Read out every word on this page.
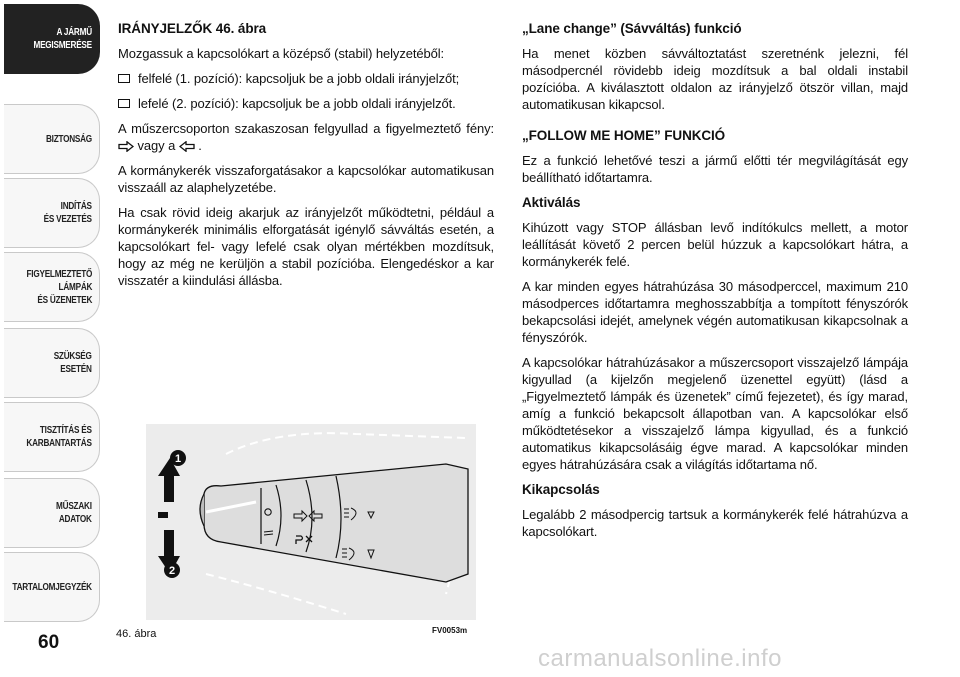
A JÁRMŰ
MEGISMERÉSE
BIZTONSÁG
INDÍTÁS
ÉS VEZETÉS
FIGYELMEZTETŐ
LÁMPÁK
ÉS ÜZENETEK
SZÜKSÉG
ESETÉN
TISZTÍTÁS ÉS
KARBANTARTÁS
MŰSZAKI
ADATOK
TARTALOMJEGYZÉK
60
IRÁNYJELZŐK 46. ábra

Mozgassuk a kapcsolókart a középső (stabil) helyzetéből:

felfelé (1. pozíció): kapcsoljuk be a jobb oldali irányjelzőt;
lefelé (2. pozíció): kapcsoljuk be a jobb oldali irányjelzőt.

A műszercsoporton szakaszosan felgyullad a figyelmeztető fény:  vagy a .

A kormánykerék visszaforgatásakor a kapcsolókar automatikusan visszaáll az alaphelyzetébe.

Ha csak rövid ideig akarjuk az irányjelzőt működtetni, például a kormánykerék minimális elforgatását igénylő sávváltás esetén, a kapcsolókart fel- vagy lefelé csak olyan mértékben mozdítsuk, hogy az még ne kerüljön a stabil pozícióba. Elengedéskor a kar visszatér a kiindulási állásba.

„Lane change” (Sávváltás) funkció

Ha menet közben sávváltoztatást szeretnénk jelezni, fél másodpercnél rövidebb ideig mozdítsuk a bal oldali instabil pozícióba. A kiválasztott oldalon az irányjelző ötször villan, majd automatikusan kikapcsol.

„FOLLOW ME HOME” FUNKCIÓ

Ez a funkció lehetővé teszi a jármű előtti tér megvilágítását egy beállítható időtartamra.

Aktiválás

Kihúzott vagy STOP állásban levő indítókulcs mellett, a motor leállítását követő 2 percen belül húzzuk a kapcsolókart hátra, a kormánykerék felé.

A kar minden egyes hátrahúzása 30 másodperccel, maximum 210 másodperces időtartamra meghosszabbítja a tompított fényszórók bekapcsolási idejét, amelynek végén automatikusan kikapcsolnak a fényszórók.

A kapcsolókar hátrahúzásakor a műszercsoport visszajelző lámpája kigyullad (a kijelzőn megjelenő üzenettel együtt) (lásd a „Figyelmeztető lámpák és üzenetek” című fejezetet), és így marad, amíg a funkció bekapcsolt állapotban van. A kapcsolókar első működtetésekor a visszajelző lámpa kigyullad, és a funkció automatikus kikapcsolásáig égve marad. A kapcsolókar minden egyes hátrahúzására csak a világítás időtartama nő.

Kikapcsolás

Legalább 2 másodpercig tartsuk a kormánykerék felé hátrahúzva a kapcsolókart.

1
2
46. ábra	FV0053m
carmanualsonline.info
